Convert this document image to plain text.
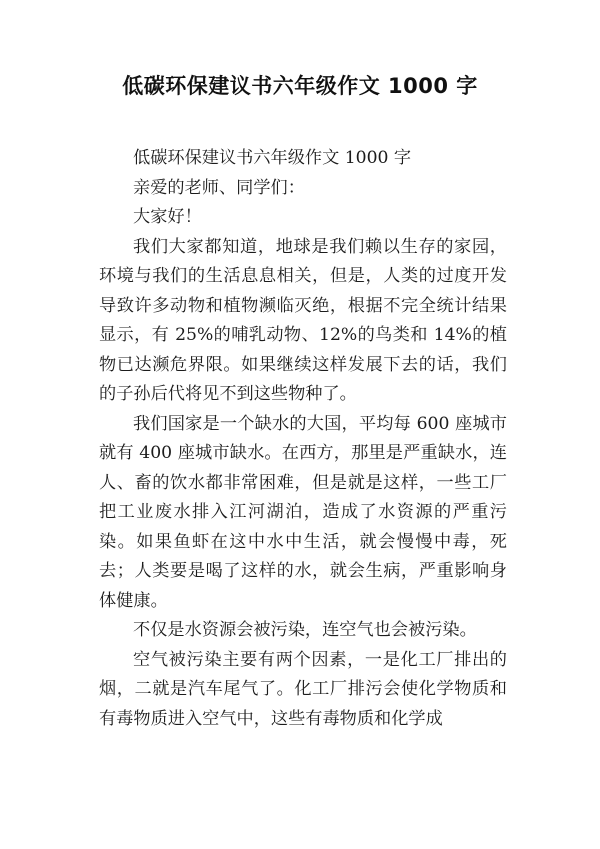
低碳环保建议书六年级作文 1000 字

低碳环保建议书六年级作文 1000 字

亲爱的老师、同学们：

大家好！

我们大家都知道，地球是我们赖以生存的家园，环境与我们的生活息息相关，但是，人类的过度开发导致许多动物和植物濒临灭绝，根据不完全统计结果显示，有 25%的哺乳动物、12%的鸟类和 14%的植物已达濒危界限。如果继续这样发展下去的话，我们的子孙后代将见不到这些物种了。

我们国家是一个缺水的大国，平均每 600 座城市就有 400 座城市缺水。在西方，那里是严重缺水，连人、畜的饮水都非常困难，但是就是这样，一些工厂把工业废水排入江河湖泊，造成了水资源的严重污染。如果鱼虾在这中水中生活，就会慢慢中毒，死去；人类要是喝了这样的水，就会生病，严重影响身体健康。

不仅是水资源会被污染，连空气也会被污染。

空气被污染主要有两个因素，一是化工厂排出的烟，二就是汽车尾气了。化工厂排污会使化学物质和有毒物质进入空气中，这些有毒物质和化学成
